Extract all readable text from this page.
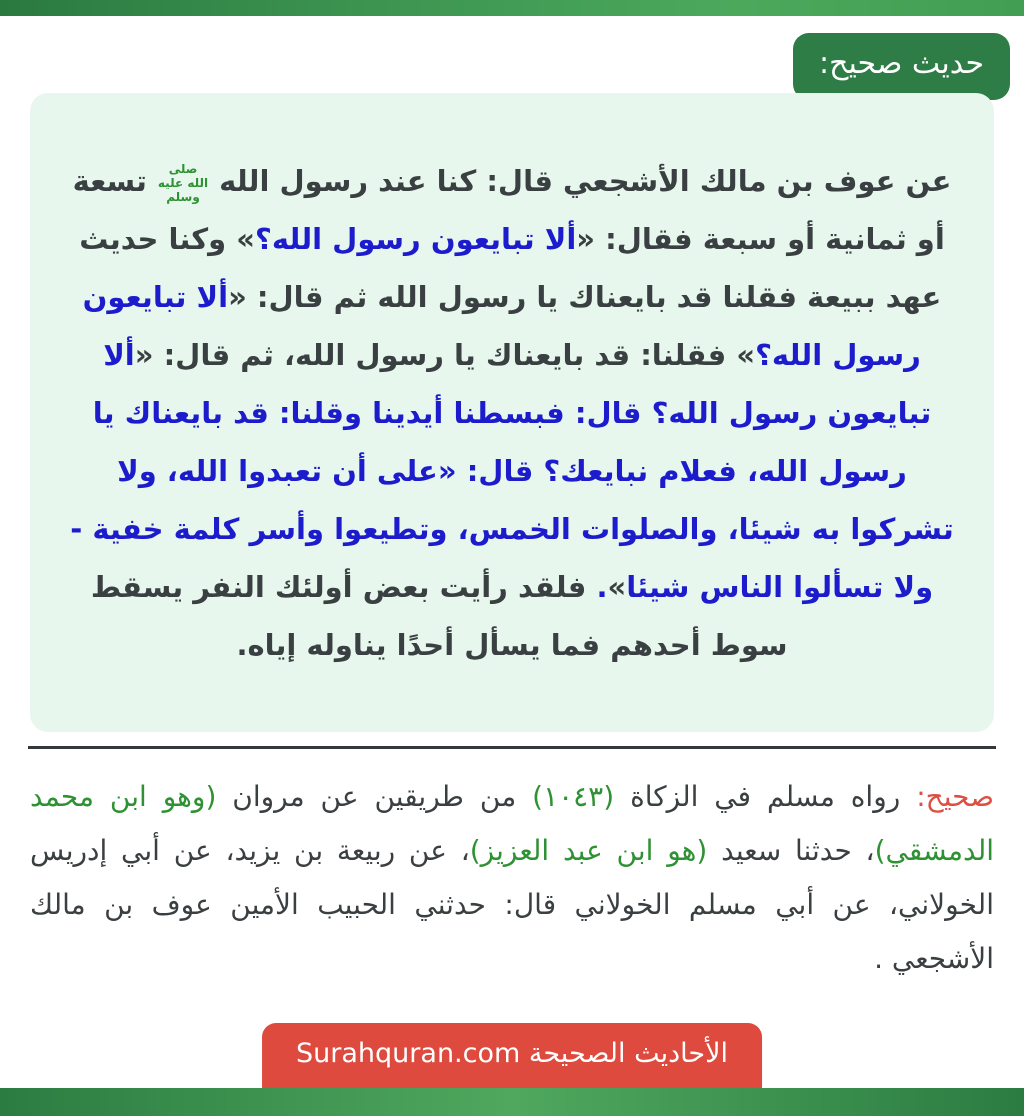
حديث صحيح:

عن عوف بن مالك الأشجعي قال: كنا عند رسول الله صلى الله عليه وسلم تسعة أو ثمانية أو سبعة فقال: «ألا تبايعون رسول الله؟» وكنا حديث عهد ببيعة فقلنا قد بايعناك يا رسول الله ثم قال: «ألا تبايعون رسول الله؟» فقلنا: قد بايعناك يا رسول الله، ثم قال: «ألا تبايعون رسول الله؟ قال: فبسطنا أيدينا وقلنا: قد بايعناك يا رسول الله، فعلام نبايعك؟ قال: «على أن تعبدوا الله، ولا تشركوا به شيئا، والصلوات الخمس، وتطيعوا وأسر كلمة خفية - ولا تسألوا الناس شيئا». فلقد رأيت بعض أولئك النفر يسقط سوط أحدهم فما يسأل أحدًا يناوله إياه.

صحيح: رواه مسلم في الزكاة (١٠٤٣) من طريقين عن مروان (وهو ابن محمد الدمشقي)، حدثنا سعيد (هو ابن عبد العزيز)، عن ربيعة بن يزيد، عن أبي إدريس الخولاني، عن أبي مسلم الخولاني قال: حدثني الحبيب الأمين عوف بن مالك الأشجعي .

الأحاديث الصحيحة Surahquran.com
